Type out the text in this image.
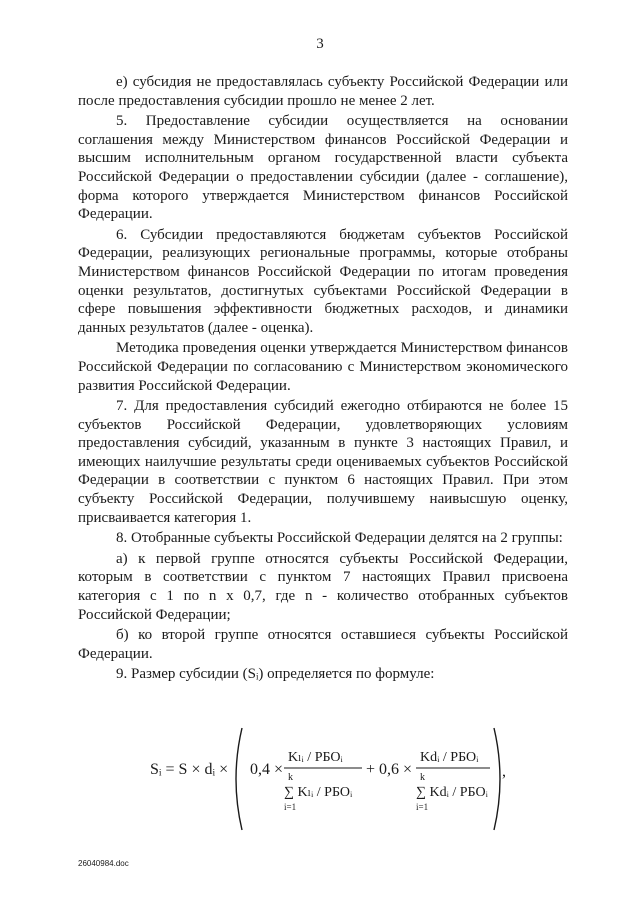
3

е) субсидия не предоставлялась субъекту Российской Федерации или после предоставления субсидии прошло не менее 2 лет.

5. Предоставление субсидии осуществляется на основании соглашения между Министерством финансов Российской Федерации и высшим исполнительным органом государственной власти субъекта Российской Федерации о предоставлении субсидии (далее - соглашение), форма которого утверждается Министерством финансов Российской Федерации.

6. Субсидии предоставляются бюджетам субъектов Российской Федерации, реализующих региональные программы, которые отобраны Министерством финансов Российской Федерации по итогам проведения оценки результатов, достигнутых субъектами Российской Федерации в сфере повышения эффективности бюджетных расходов, и динамики данных результатов (далее - оценка).

Методика проведения оценки утверждается Министерством финансов Российской Федерации по согласованию с Министерством экономического развития Российской Федерации.

7. Для предоставления субсидий ежегодно отбираются не более 15 субъектов Российской Федерации, удовлетворяющих условиям предоставления субсидий, указанным в пункте 3 настоящих Правил, и имеющих наилучшие результаты среди оцениваемых субъектов Российской Федерации в соответствии с пунктом 6 настоящих Правил. При этом субъекту Российской Федерации, получившему наивысшую оценку, присваивается категория 1.

8. Отобранные субъекты Российской Федерации делятся на 2 группы:

а) к первой группе относятся субъекты Российской Федерации, которым в соответствии с пунктом 7 настоящих Правил присвоена категория с 1 по n х 0,7, где n - количество отобранных субъектов Российской Федерации;

б) ко второй группе относятся оставшиеся субъекты Российской Федерации.

9. Размер субсидии (Sᵢ) определяется по формуле:

Sᵢ = S × dᵢ × 0,4 ×
Kₗᵢ / РБОᵢ
k
∑ Kₗᵢ / РБОᵢ
i=1
+ 0,6 ×
Kdᵢ / РБОᵢ
k
∑ Kdᵢ / РБОᵢ
i=1
,
26040984.doc
